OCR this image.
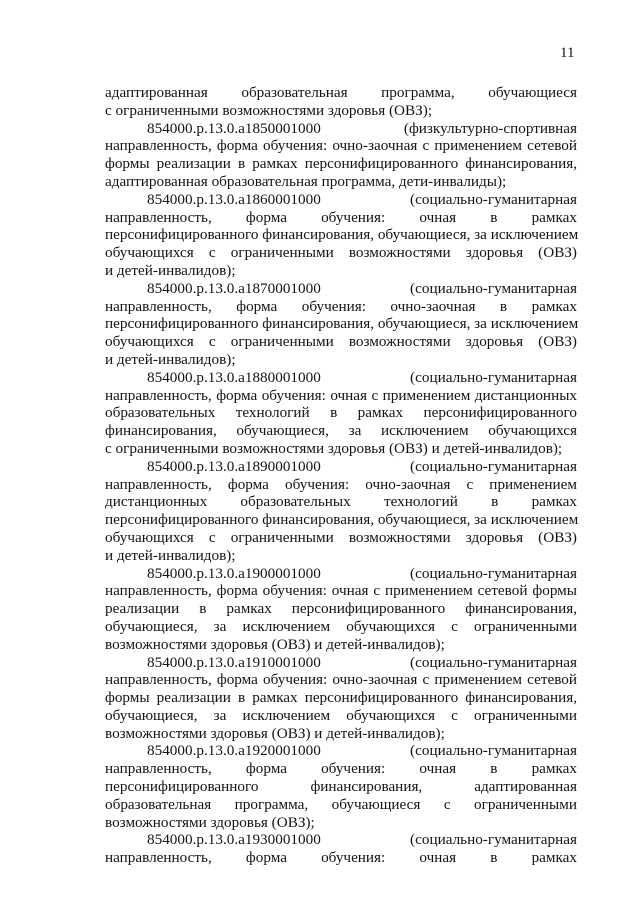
11
адаптированная образовательная программа, обучающиеся
с ограниченными возможностями здоровья (ОВЗ);
854000.р.13.0.а1850001000	(физкультурно-спортивная
направленность, форма обучения: очно-заочная с применением сетевой
формы реализации в рамках персонифицированного финансирования,
адаптированная образовательная программа, дети-инвалиды);
854000.р.13.0.а1860001000	(социально-гуманитарная
направленность, форма обучения: очная в рамках
персонифицированного финансирования, обучающиеся, за исключением
обучающихся с ограниченными возможностями здоровья (ОВЗ)
и детей-инвалидов);
854000.р.13.0.а1870001000	(социально-гуманитарная
направленность, форма обучения: очно-заочная в рамках
персонифицированного финансирования, обучающиеся, за исключением
обучающихся с ограниченными возможностями здоровья (ОВЗ)
и детей-инвалидов);
854000.р.13.0.а1880001000	(социально-гуманитарная
направленность, форма обучения: очная с применением дистанционных
образовательных технологий в рамках персонифицированного
финансирования, обучающиеся, за исключением обучающихся
с ограниченными возможностями здоровья (ОВЗ) и детей-инвалидов);
854000.р.13.0.а1890001000	(социально-гуманитарная
направленность, форма обучения: очно-заочная с применением
дистанционных образовательных технологий в рамках
персонифицированного финансирования, обучающиеся, за исключением
обучающихся с ограниченными возможностями здоровья (ОВЗ)
и детей-инвалидов);
854000.р.13.0.а1900001000	(социально-гуманитарная
направленность, форма обучения: очная с применением сетевой формы
реализации в рамках персонифицированного финансирования,
обучающиеся, за исключением обучающихся с ограниченными
возможностями здоровья (ОВЗ) и детей-инвалидов);
854000.р.13.0.а1910001000	(социально-гуманитарная
направленность, форма обучения: очно-заочная с применением сетевой
формы реализации в рамках персонифицированного финансирования,
обучающиеся, за исключением обучающихся с ограниченными
возможностями здоровья (ОВЗ) и детей-инвалидов);
854000.р.13.0.а1920001000	(социально-гуманитарная
направленность, форма обучения: очная в рамках
персонифицированного финансирования, адаптированная
образовательная программа, обучающиеся с ограниченными
возможностями здоровья (ОВЗ);
854000.р.13.0.а1930001000	(социально-гуманитарная
направленность, форма обучения: очная в рамках
